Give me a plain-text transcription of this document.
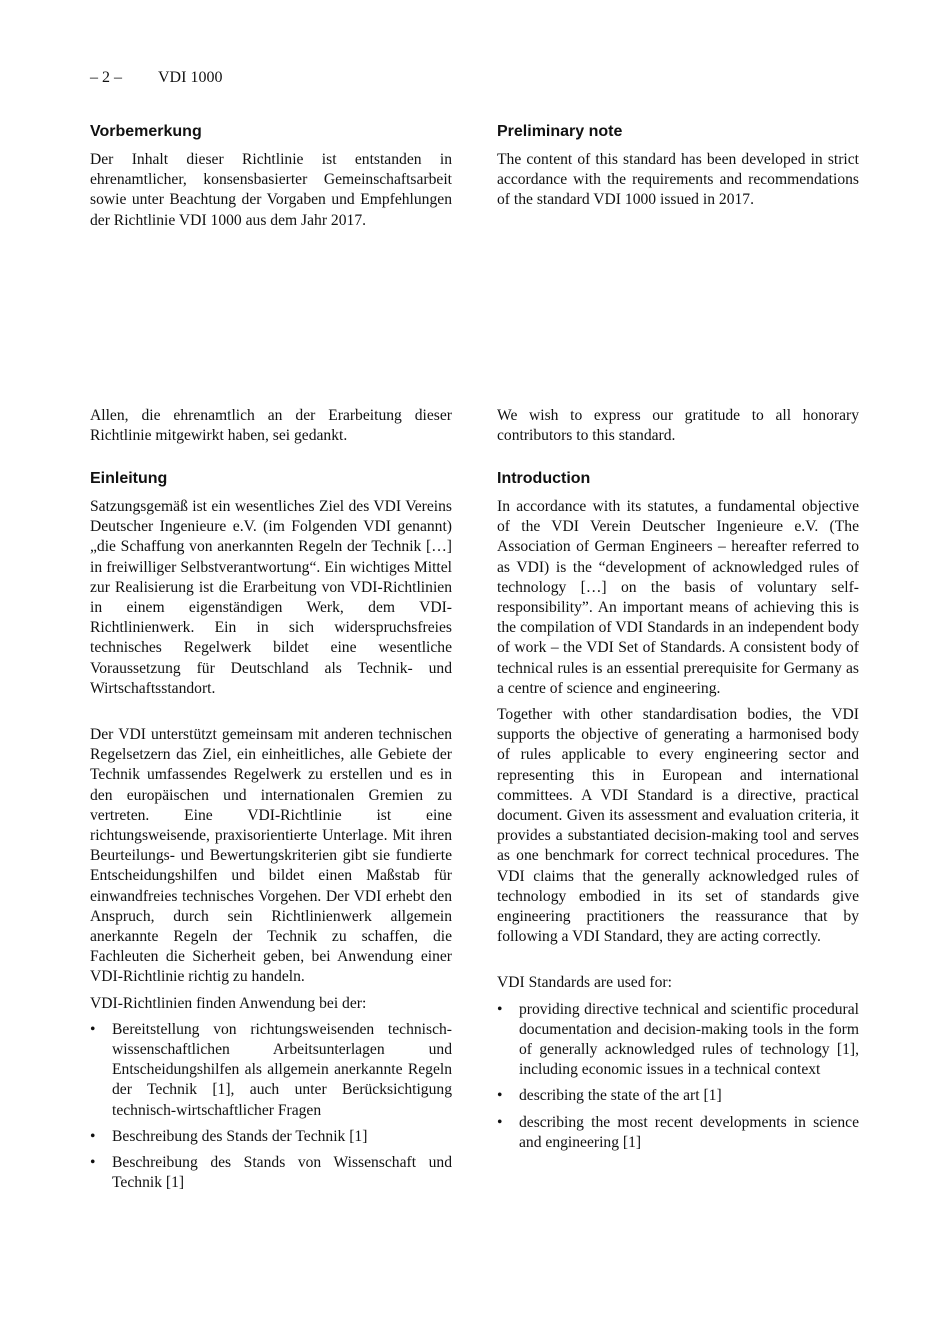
– 2 – VDI 1000
Vorbemerkung

Der Inhalt dieser Richtlinie ist entstanden in ehrenamtlicher, konsensbasierter Gemeinschaftsarbeit sowie unter Beachtung der Vorgaben und Empfehlungen der Richtlinie VDI 1000 aus dem Jahr 2017.

Allen, die ehrenamtlich an der Erarbeitung dieser Richtlinie mitgewirkt haben, sei gedankt.

Einleitung

Satzungsgemäß ist ein wesentliches Ziel des VDI Vereins Deutscher Ingenieure e.V. (im Folgenden VDI genannt) „die Schaffung von anerkannten Regeln der Technik […] in freiwilliger Selbstverantwortung“. Ein wichtiges Mittel zur Realisierung ist die Erarbeitung von VDI-Richtlinien in einem eigenständigen Werk, dem VDI-Richtlinienwerk. Ein in sich widerspruchsfreies technisches Regelwerk bildet eine wesentliche Voraussetzung für Deutschland als Technik- und Wirtschaftsstandort.

Der VDI unterstützt gemeinsam mit anderen technischen Regelsetzern das Ziel, ein einheitliches, alle Gebiete der Technik umfassendes Regelwerk zu erstellen und es in den europäischen und internationalen Gremien zu vertreten. Eine VDI-Richtlinie ist eine richtungsweisende, praxisorientierte Unterlage. Mit ihren Beurteilungs- und Bewertungskriterien gibt sie fundierte Entscheidungshilfen und bildet einen Maßstab für einwandfreies technisches Vorgehen. Der VDI erhebt den Anspruch, durch sein Richtlinienwerk allgemein anerkannte Regeln der Technik zu schaffen, die Fachleuten die Sicherheit geben, bei Anwendung einer VDI-Richtlinie richtig zu handeln.

VDI-Richtlinien finden Anwendung bei der:

• Bereitstellung von richtungsweisenden technisch-wissenschaftlichen Arbeitsunterlagen und Entscheidungshilfen als allgemein anerkannte Regeln der Technik [1], auch unter Berücksichtigung technisch-wirtschaftlicher Fragen
• Beschreibung des Stands der Technik [1]
• Beschreibung des Stands von Wissenschaft und Technik [1]
Preliminary note

The content of this standard has been developed in strict accordance with the requirements and recommendations of the standard VDI 1000 issued in 2017.

We wish to express our gratitude to all honorary contributors to this standard.

Introduction

In accordance with its statutes, a fundamental objective of the VDI Verein Deutscher Ingenieure e.V. (The Association of German Engineers – hereafter referred to as VDI) is the “development of acknowledged rules of technology […] on the basis of voluntary self-responsibility”. An important means of achieving this is the compilation of VDI Standards in an independent body of work – the VDI Set of Standards. A consistent body of technical rules is an essential prerequisite for Germany as a centre of science and engineering.

Together with other standardisation bodies, the VDI supports the objective of generating a harmonised body of rules applicable to every engineering sector and representing this in European and international committees. A VDI Standard is a directive, practical document. Given its assessment and evaluation criteria, it provides a substantiated decision-making tool and serves as one benchmark for correct technical procedures. The VDI claims that the generally acknowledged rules of technology embodied in its set of standards give engineering practitioners the reassurance that by following a VDI Standard, they are acting correctly.

VDI Standards are used for:

• providing directive technical and scientific procedural documentation and decision-making tools in the form of generally acknowledged rules of technology [1], including economic issues in a technical context
• describing the state of the art [1]
• describing the most recent developments in science and engineering [1]
